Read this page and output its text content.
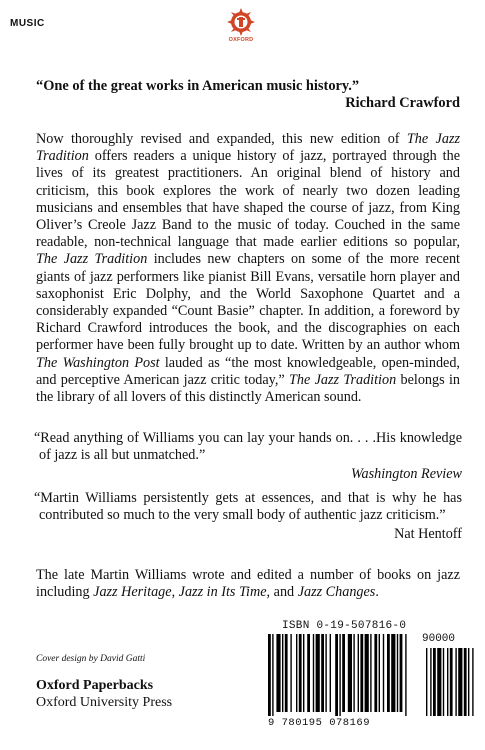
MUSIC
OXFORD
“One of the great works in American music history.”
Richard Crawford

Now thoroughly revised and expanded, this new edition of The Jazz Tradition offers readers a unique history of jazz, portrayed through the lives of its greatest practitioners. An original blend of history and criticism, this book explores the work of nearly two dozen leading musicians and ensembles that have shaped the course of jazz, from King Oliver’s Creole Jazz Band to the music of today. Couched in the same readable, non-technical language that made earlier editions so popular, The Jazz Tradition includes new chapters on some of the more recent giants of jazz performers like pianist Bill Evans, versatile horn player and saxophonist Eric Dolphy, and the World Saxophone Quartet and a considerably expanded “Count Basie” chapter. In addition, a foreword by Richard Crawford introduces the book, and the discographies on each performer have been fully brought up to date. Written by an author whom The Washington Post lauded as “the most knowledgeable, open-minded, and perceptive American jazz critic today,” The Jazz Tradition belongs in the library of all lovers of this distinctly American sound.

“Read anything of Williams you can lay your hands on. . . .His knowledge of jazz is all but unmatched.”

Washington Review

“Martin Williams persistently gets at essences, and that is why he has contributed so much to the very small body of authentic jazz criticism.”

Nat Hentoff

The late Martin Williams wrote and edited a number of books on jazz including Jazz Heritage, Jazz in Its Time, and Jazz Changes.

Cover design by David Gatti
Oxford Paperbacks
Oxford University Press
ISBN 0-19-507816-0
90000
9 780195 078169
